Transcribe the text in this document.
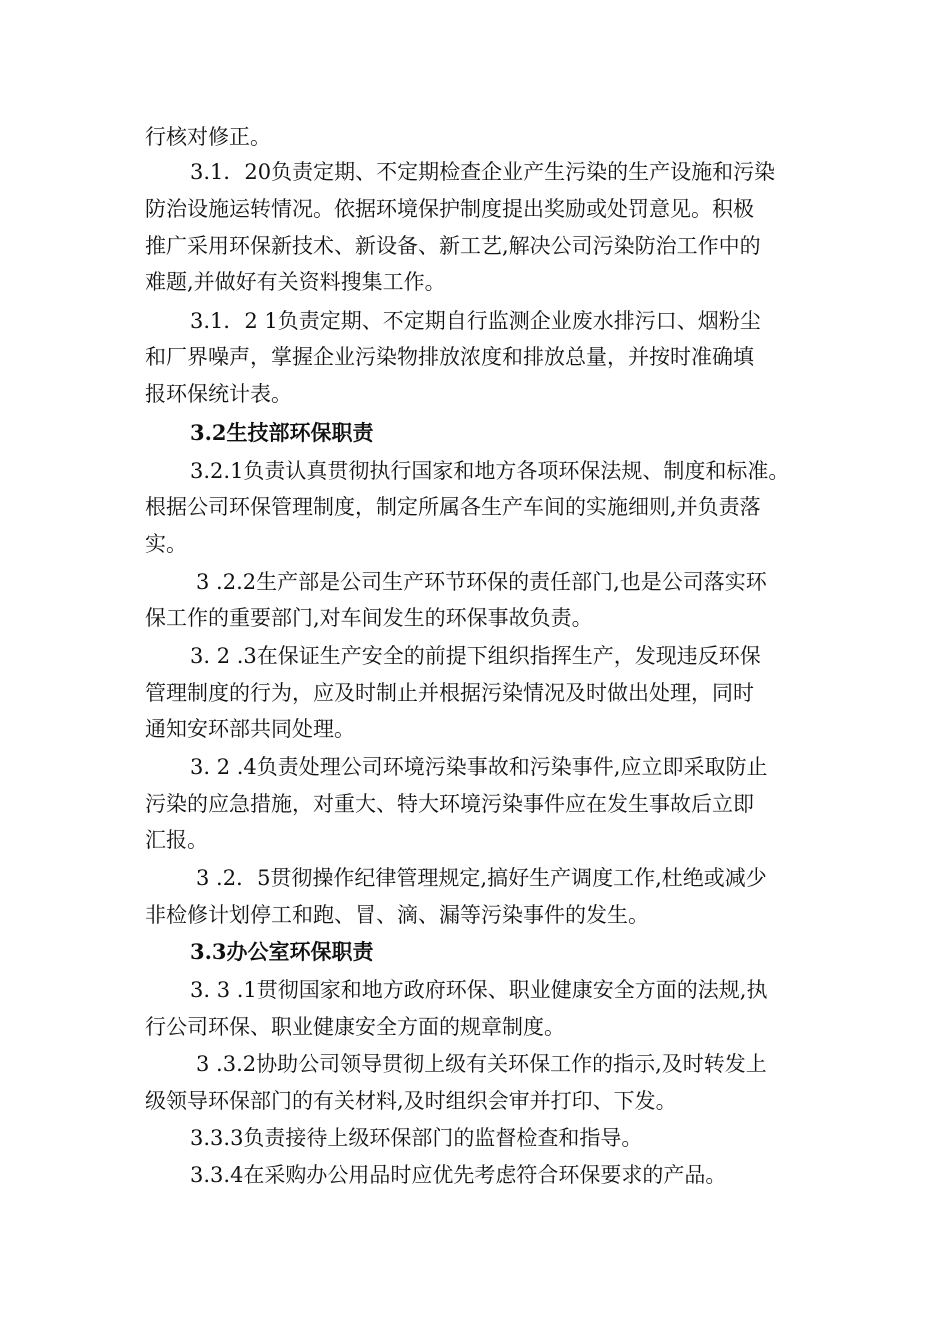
行核对修正。
3.1．20负责定期、不定期检查企业产生污染的生产设施和污染
防治设施运转情况。依据环境保护制度提出奖励或处罚意见。积极
推广采用环保新技术、新设备、新工艺,解决公司污染防治工作中的
难题,并做好有关资料搜集工作。
3.1．2 1负责定期、不定期自行监测企业废水排污口、烟粉尘
和厂界噪声，掌握企业污染物排放浓度和排放总量，并按时准确填
报环保统计表。
3.2生技部环保职责
3.2.1负责认真贯彻执行国家和地方各项环保法规、制度和标准。
根据公司环保管理制度，制定所属各生产车间的实施细则,并负责落
实。
3 .2.2生产部是公司生产环节环保的责任部门,也是公司落实环
保工作的重要部门,对车间发生的环保事故负责。
3. 2 .3在保证生产安全的前提下组织指挥生产，发现违反环保
管理制度的行为，应及时制止并根据污染情况及时做出处理，同时
通知安环部共同处理。
3. 2 .4负责处理公司环境污染事故和污染事件,应立即采取防止
污染的应急措施，对重大、特大环境污染事件应在发生事故后立即
汇报。
3 .2．5贯彻操作纪律管理规定,搞好生产调度工作,杜绝或减少
非检修计划停工和跑、冒、滴、漏等污染事件的发生。
3.3办公室环保职责
3. 3 .1贯彻国家和地方政府环保、职业健康安全方面的法规,执
行公司环保、职业健康安全方面的规章制度。
3 .3.2协助公司领导贯彻上级有关环保工作的指示,及时转发上
级领导环保部门的有关材料,及时组织会审并打印、下发。
3.3.3负责接待上级环保部门的监督检查和指导。
3.3.4在采购办公用品时应优先考虑符合环保要求的产品。
